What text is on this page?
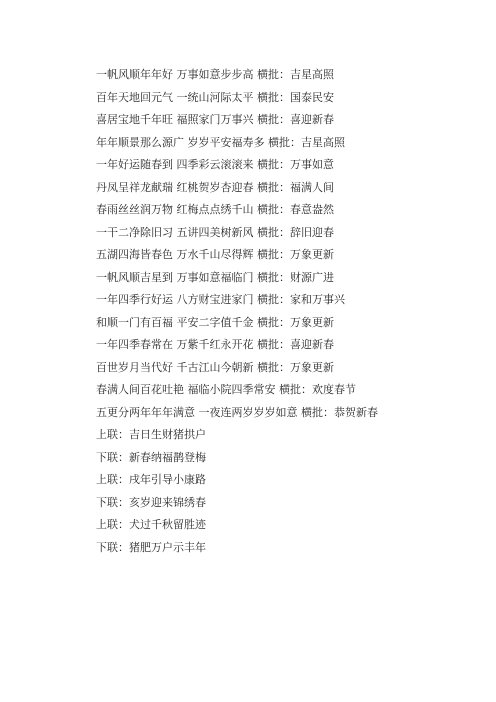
一帆风顺年年好 万事如意步步高 横批：吉星高照
百年天地回元气 一统山河际太平 横批：国泰民安
喜居宝地千年旺 福照家门万事兴 横批：喜迎新春
年年顺景那么源广 岁岁平安福寿多 横批：吉星高照
一年好运随春到 四季彩云滚滚来 横批：万事如意
丹凤呈祥龙献瑞 红桃贺岁杏迎春 横批：福满人间
春雨丝丝润万物 红梅点点绣千山 横批：春意盎然
一干二净除旧习 五讲四美树新风 横批：辞旧迎春
五湖四海皆春色 万水千山尽得辉 横批：万象更新
一帆风顺吉星到 万事如意福临门 横批：财源广进
一年四季行好运 八方财宝进家门 横批：家和万事兴
和顺一门有百福 平安二字值千金 横批：万象更新
一年四季春常在 万紫千红永开花 横批：喜迎新春
百世岁月当代好 千古江山今朝新 横批：万象更新
春满人间百花吐艳 福临小院四季常安 横批：欢度春节
五更分两年年年满意 一夜连两岁岁岁如意 横批：恭贺新春
上联：吉日生财猪拱户
下联：新春纳福鹊登梅
上联：戌年引导小康路
下联：亥岁迎来锦绣春
上联：犬过千秋留胜迹
下联：猪肥万户示丰年
